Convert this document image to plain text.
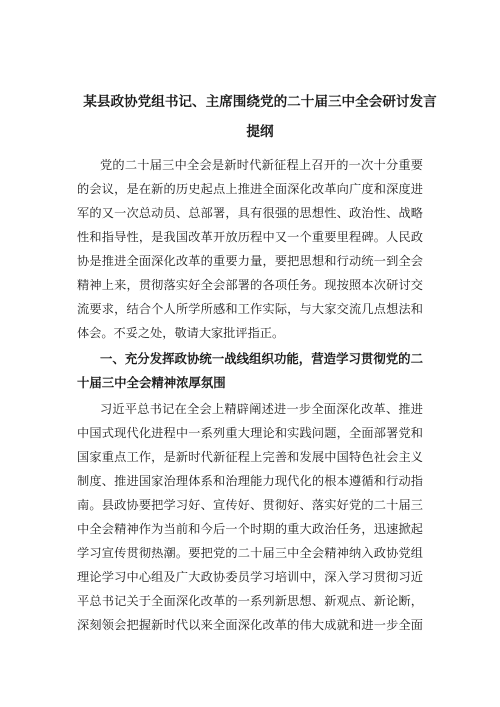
某县政协党组书记、主席围绕党的二十届三中全会研讨发言
提纲

党的二十届三中全会是新时代新征程上召开的一次十分重要

的会议，是在新的历史起点上推进全面深化改革向广度和深度进

军的又一次总动员、总部署，具有很强的思想性、政治性、战略

性和指导性，是我国改革开放历程中又一个重要里程碑。人民政

协是推进全面深化改革的重要力量，要把思想和行动统一到全会

精神上来，贯彻落实好全会部署的各项任务。现按照本次研讨交

流要求，结合个人所学所感和工作实际，与大家交流几点想法和

体会。不妥之处，敬请大家批评指正。

一、充分发挥政协统一战线组织功能，营造学习贯彻党的二

十届三中全会精神浓厚氛围

习近平总书记在全会上精辟阐述进一步全面深化改革、推进

中国式现代化进程中一系列重大理论和实践问题，全面部署党和

国家重点工作，是新时代新征程上完善和发展中国特色社会主义

制度、推进国家治理体系和治理能力现代化的根本遵循和行动指

南。县政协要把学习好、宣传好、贯彻好、落实好党的二十届三

中全会精神作为当前和今后一个时期的重大政治任务，迅速掀起

学习宣传贯彻热潮。要把党的二十届三中全会精神纳入政协党组

理论学习中心组及广大政协委员学习培训中，深入学习贯彻习近

平总书记关于全面深化改革的一系列新思想、新观点、新论断，

深刻领会把握新时代以来全面深化改革的伟大成就和进一步全面
